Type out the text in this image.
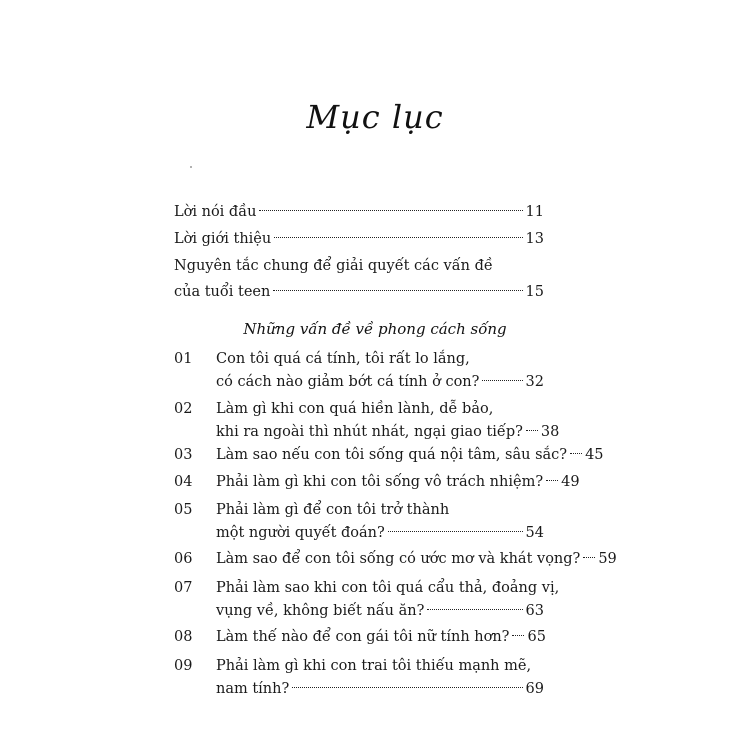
Mục lục
Lời nói đầu	11
Lời giới thiệu	13
Nguyên tắc chung để giải quyết các vấn đề
của tuổi teen	15
Những vấn đề về phong cách sống
01	Con tôi quá cá tính, tôi rất lo lắng,
có cách nào giảm bớt cá tính ở con?	32
02	Làm gì khi con quá hiền lành, dễ bảo,
khi ra ngoài thì nhút nhát, ngại giao tiếp? 38
03	Làm sao nếu con tôi sống quá nội tâm, sâu sắc? 45
04	Phải làm gì khi con tôi sống vô trách nhiệm? 49
05	Phải làm gì để con tôi trở thành
một người quyết đoán?	54
06	Làm sao để con tôi sống có ước mơ và khát vọng? 59
07	Phải làm sao khi con tôi quá cẩu thả, đoảng vị,
vụng về, không biết nấu ăn?	63
08	Làm thế nào để con gái tôi nữ tính hơn? 65
09	Phải làm gì khi con trai tôi thiếu mạnh mẽ,
nam tính?	69
